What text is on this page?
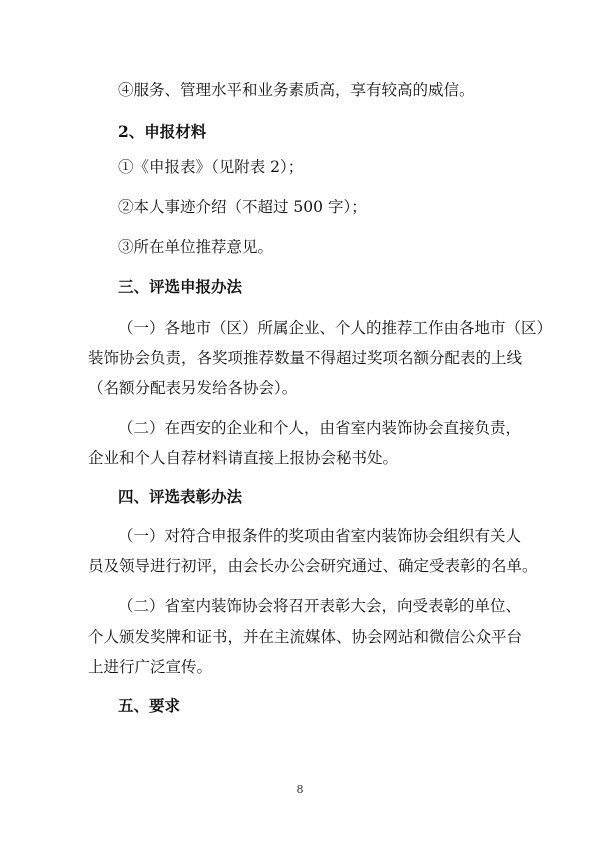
④服务、管理水平和业务素质高，享有较高的威信。
2、申报材料
①《申报表》（见附表 2）；
②本人事迹介绍（不超过 500 字）；
③所在单位推荐意见。
三、评选申报办法
（一）各地市（区）所属企业、个人的推荐工作由各地市（区）
装饰协会负责，各奖项推荐数量不得超过奖项名额分配表的上线
（名额分配表另发给各协会）。
（二）在西安的企业和个人，由省室内装饰协会直接负责，
企业和个人自荐材料请直接上报协会秘书处。
四、评选表彰办法
（一）对符合申报条件的奖项由省室内装饰协会组织有关人
员及领导进行初评，由会长办公会研究通过、确定受表彰的名单。
（二）省室内装饰协会将召开表彰大会，向受表彰的单位、
个人颁发奖牌和证书，并在主流媒体、协会网站和微信公众平台
上进行广泛宣传。
五、要求
8
